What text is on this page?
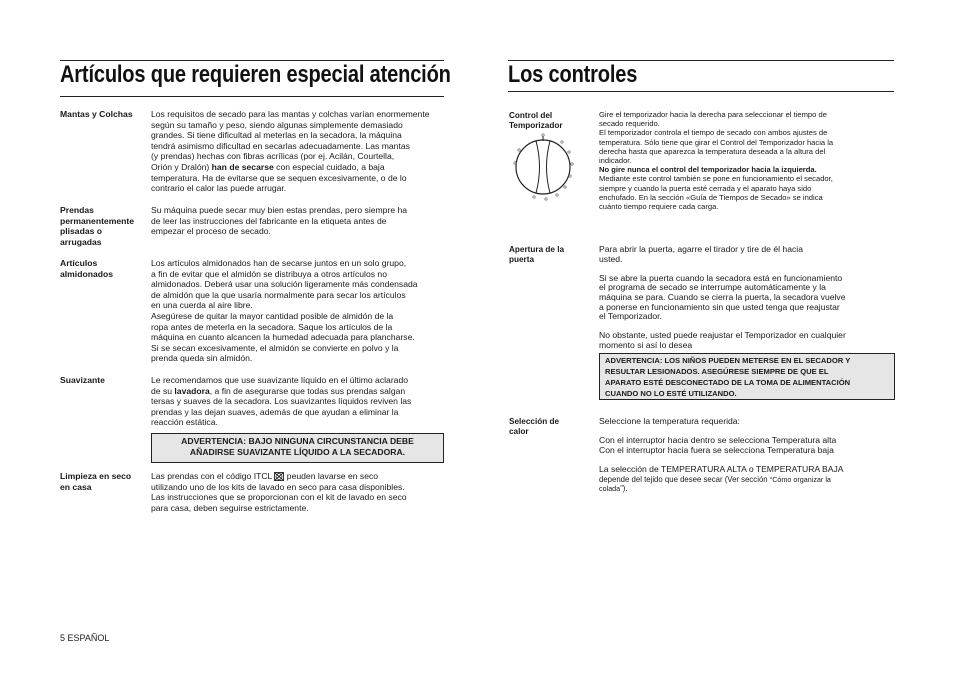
Artículos que requieren especial atención
Mantas y Colchas	Los requisitos de secado para las mantas y colchas varían enormemente
según su tamaño y peso, siendo algunas simplemente demasiado
grandes. Si tiene dificultad al meterlas en la secadora, la máquina
tendrá asimismo dificultad en secarlas adecuadamente. Las mantas
(y prendas) hechas con fibras acrílicas (por ej. Acilán, Courtella,
Orión y Dralón) han de secarse con especial cuidado, a baja
temperatura. Ha de evitarse que se sequen excesivamente, o de lo
contrario el calor las puede arrugar.
Prendas
permanentemente
plisadas o
arrugadas
Su máquina puede secar muy bien estas prendas, pero siempre ha
de leer las instrucciones del fabricante en la etiqueta antes de
empezar el proceso de secado.
Artículos
almidonados
Los artículos almidonados han de secarse juntos en un solo grupo,
a fin de evitar que el almidón se distribuya a otros artículos no
almidonados. Deberá usar una solución ligeramente más condensada
de almidón que la que usaría normalmente para secar los artículos
en una cuerda al aire libre.
Asegúrese de quitar la mayor cantidad posible de almidón de la
ropa antes de meterla en la secadora. Saque los artículos de la
máquina en cuanto alcancen la humedad adecuada para plancharse.
Si se secan excesivamente, el almidón se convierte en polvo y la
prenda queda sin almidón.
Suavizante	Le recomendamos que use suavizante líquido en el último aclarado
de su lavadora, a fin de asegurarse que todas sus prendas salgan
tersas y suaves de la secadora. Los suavizantes líquidos reviven las
prendas y las dejan suaves, además de que ayudan a eliminar la
reacción estática.
ADVERTENCIA: BAJO NINGUNA CIRCUNSTANCIA DEBE
AÑADIRSE SUAVIZANTE LÍQUIDO A LA SECADORA.
Limpieza en seco
en casa
Las prendas con el código ITCL  peuden lavarse en seco
utilizando uno de los kits de lavado en seco para casa disponibles.
Las instrucciones que se proporcionan con el kit de lavado en seco
para casa, deben seguirse estrictamente.
5 ESPAÑOL
Los controles
Control del
Temporizador
Gire el temporizador hacia la derecha para seleccionar el tiempo de
secado requerido.
El temporizador controla el tiempo de secado con ambos ajustes de
temperatura. Sólo tiene que girar el Control del Temporizador hacia la
derecha hasta que aparezca la temperatura deseada a la altura del
indicador.
No gire nunca el control del temporizador hacia la izquierda.
Mediante este control también se pone en funcionamiento el secador,
siempre y cuando la puerta esté cerrada y el aparato haya sido
enchufado. En la sección «Guía de Tiempos de Secado» se indica
cuánto tiempo requiere cada carga.
Apertura de la
puerta
Para abrir la puerta, agarre el tirador y tire de él hacia
usted.
Si se abre la puerta cuando la secadora está en funcionamiento
el programa de secado se interrumpe automáticamente y la
máquina se para. Cuando se cierra la puerta, la secadora vuelve
a ponerse en funcionamiento sin que usted tenga que reajustar
el Temporizador.
No obstante, usted puede reajustar el Temporizador en cualquier
momento si así lo desea
ADVERTENCIA: LOS NIÑOS PUEDEN METERSE EN EL SECADOR Y
RESULTAR LESIONADOS. ASEGÚRESE SIEMPRE DE QUE EL
APARATO ESTÉ DESCONECTADO DE LA TOMA DE ALIMENTACIÓN
CUANDO NO LO ESTÉ UTILIZANDO.
Selección de
calor
Seleccione la temperatura requerida:
Con el interruptor hacia dentro se selecciona Temperatura alta
Con el interruptor hacia fuera se selecciona Temperatura baja
La selección de TEMPERATURA ALTA o TEMPERATURA BAJA
depende del tejido que desee secar (Ver sección “Cómo organizar la
colada”).
